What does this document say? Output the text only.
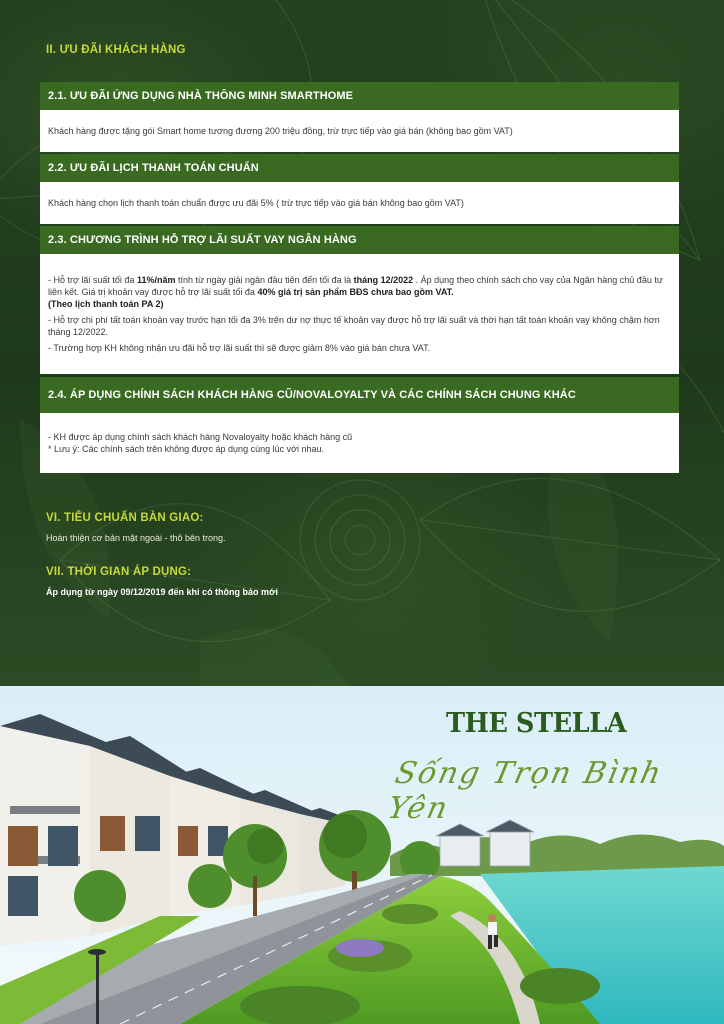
II. ƯU ĐÃI KHÁCH HÀNG
2.1. ƯU ĐÃI ỨNG DỤNG NHÀ THÔNG MINH SMARTHOME

Khách hàng được tặng gói Smart home tương đương 200 triệu đồng, trừ trực tiếp vào giá bán (không bao gồm VAT)

2.2. ƯU ĐÃI LỊCH THANH TOÁN CHUẨN

Khách hàng chọn lịch thanh toán chuẩn được ưu đãi 5% ( trừ trực tiếp vào giá bán không bao gồm VAT)

2.3. CHƯƠNG TRÌNH HỖ TRỢ LÃI SUẤT VAY NGÂN HÀNG

- Hỗ trợ lãi suất tối đa 11%/năm tính từ ngày giải ngân đầu tiên đến tối đa là tháng 12/2022 . Áp dụng theo chính sách cho vay của Ngân hàng chủ đầu tư liên kết. Giá trị khoản vay được hỗ trợ lãi suất tối đa 40% giá trị sản phẩm BĐS chưa bao gồm VAT.
(Theo lịch thanh toán PA 2)

- Hỗ trợ chi phí tất toán khoản vay trước hạn tối đa 3% trên dư nợ thực tế khoản vay được hỗ trợ lãi suất và thời hạn tất toán khoản vay không chậm hơn tháng 12/2022.

- Trường hợp KH không nhận ưu đãi hỗ trợ lãi suất thì sẽ được giảm 8% vào giá bán chưa VAT.

2.4. ÁP DỤNG CHÍNH SÁCH KHÁCH HÀNG CŨ/NOVALOYALTY VÀ CÁC CHÍNH SÁCH CHUNG KHÁC

- KH được áp dụng chính sách khách hàng Novaloyalty hoặc khách hàng cũ

* Lưu ý: Các chính sách trên không được áp dụng cùng lúc với nhau.

VI. TIÊU CHUẨN BÀN GIAO:

Hoàn thiện cơ bản mặt ngoài - thô bên trong.

VII. THỜI GIAN ÁP DỤNG:

Áp dụng từ ngày 09/12/2019 đến khi có thông báo mới

THE STELLA
Sống Trọn Bình Yên
